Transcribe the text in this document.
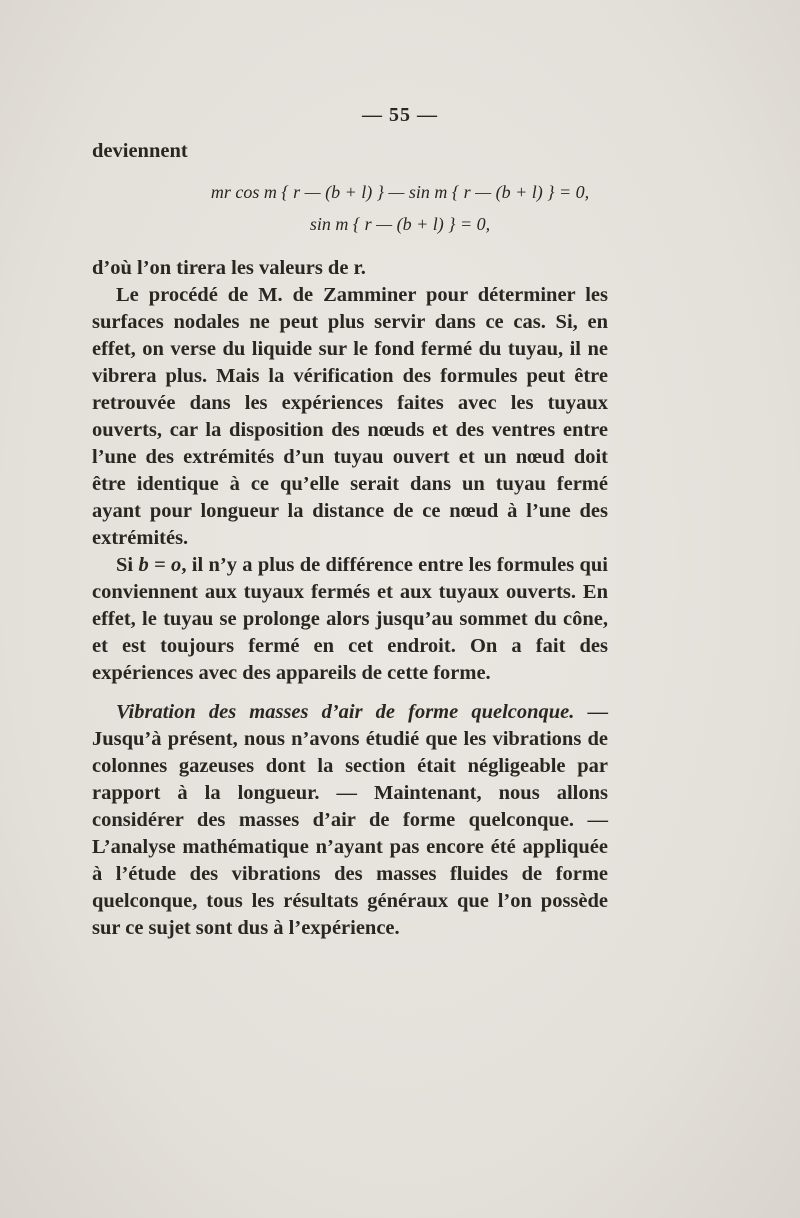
— 55 —

deviennent

mr cos m { r — (b + l) } — sin m { r — (b + l) } = 0,
sin m { r — (b + l) } = 0,

d’où l’on tirera les valeurs de r.

Le procédé de M. de Zamminer pour déterminer les surfaces nodales ne peut plus servir dans ce cas. Si, en effet, on verse du liquide sur le fond fermé du tuyau, il ne vibrera plus. Mais la vérification des formules peut être retrouvée dans les expériences faites avec les tuyaux ouverts, car la disposition des nœuds et des ventres entre l’une des extrémités d’un tuyau ouvert et un nœud doit être identique à ce qu’elle serait dans un tuyau fermé ayant pour longueur la distance de ce nœud à l’une des extrémités.

Si b = o, il n’y a plus de différence entre les formules qui conviennent aux tuyaux fermés et aux tuyaux ouverts. En effet, le tuyau se prolonge alors jusqu’au sommet du cône, et est toujours fermé en cet endroit. On a fait des expériences avec des appareils de cette forme.

Vibration des masses d’air de forme quelconque. — Jusqu’à présent, nous n’avons étudié que les vibrations de colonnes gazeuses dont la section était négligeable par rapport à la longueur. — Maintenant, nous allons considérer des masses d’air de forme quelconque. — L’analyse mathématique n’ayant pas encore été appliquée à l’étude des vibrations des masses fluides de forme quelconque, tous les résultats généraux que l’on possède sur ce sujet sont dus à l’expérience.
